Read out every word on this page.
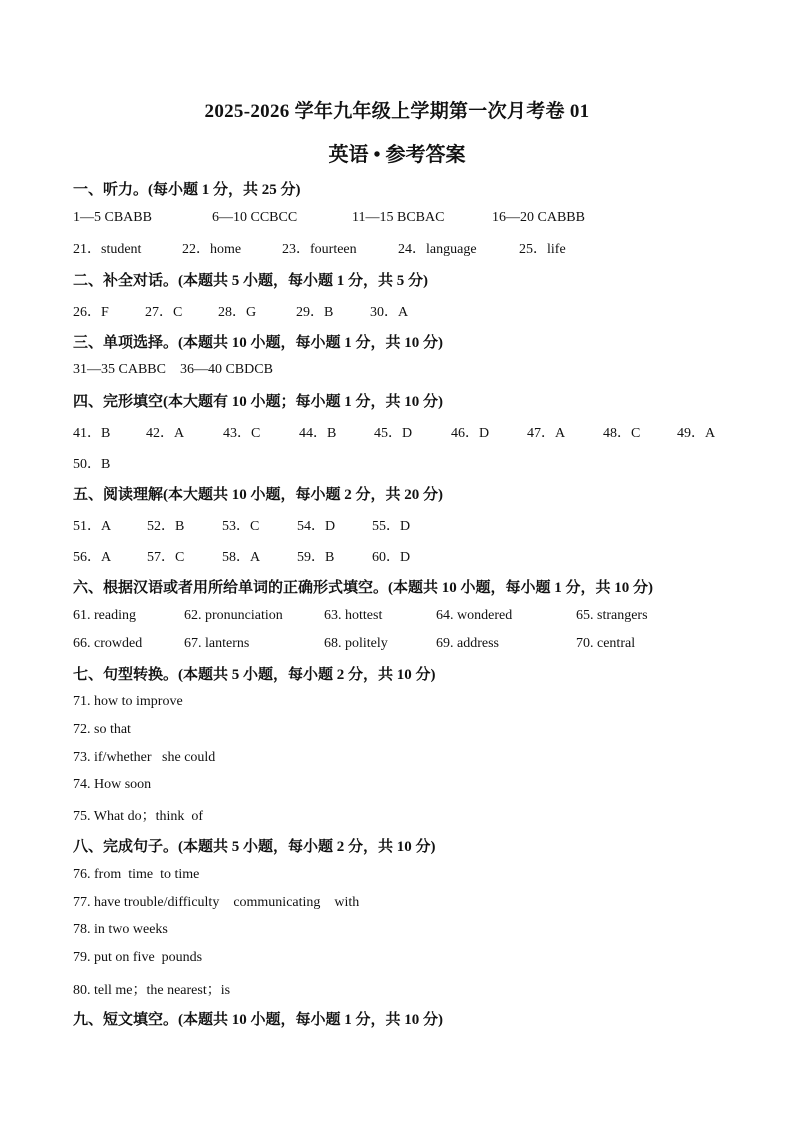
2025-2026 学年九年级上学期第一次月考卷 01
英语 • 参考答案
一、听力。(每小题 1 分，共 25 分)
1—5 CBABB	6—10 CCBCC	11—15 BCBAC	16—20 CABBB
21．student	22．home	23．fourteen	24．language	25．life
二、补全对话。(本题共 5 小题，每小题 1 分，共 5 分)
26．F	27．C	28．G	29．B	30．A
三、单项选择。(本题共 10 小题，每小题 1 分，共 10 分)
31—35 CABBC    36—40 CBDCB
四、完形填空(本大题有 10 小题；每小题 1 分，共 10 分)
41．B	42．A	43．C	44．B	45．D	46．D	47．A	48．C	49．A
50．B
五、阅读理解(本大题共 10 小题，每小题 2 分，共 20 分)
51．A	52．B	53．C	54．D	55．D
56．A	57．C	58．A	59．B	60．D
六、根据汉语或者用所给单词的正确形式填空。(本题共 10 小题，每小题 1 分，共 10 分)
61. reading	62. pronunciation	63. hottest	64. wondered	65. strangers
66. crowded	67. lanterns	68. politely	69. address	70. central
七、句型转换。(本题共 5 小题，每小题 2 分，共 10 分)
71. how to improve
72. so that
73. if/whether   she could
74. How soon
75. What do；think  of
八、完成句子。(本题共 5 小题，每小题 2 分，共 10 分)
76. from  time  to time
77. have trouble/difficulty    communicating    with
78. in two weeks
79. put on five  pounds
80. tell me；the nearest；is
九、短文填空。(本题共 10 小题，每小题 1 分，共 10 分)
